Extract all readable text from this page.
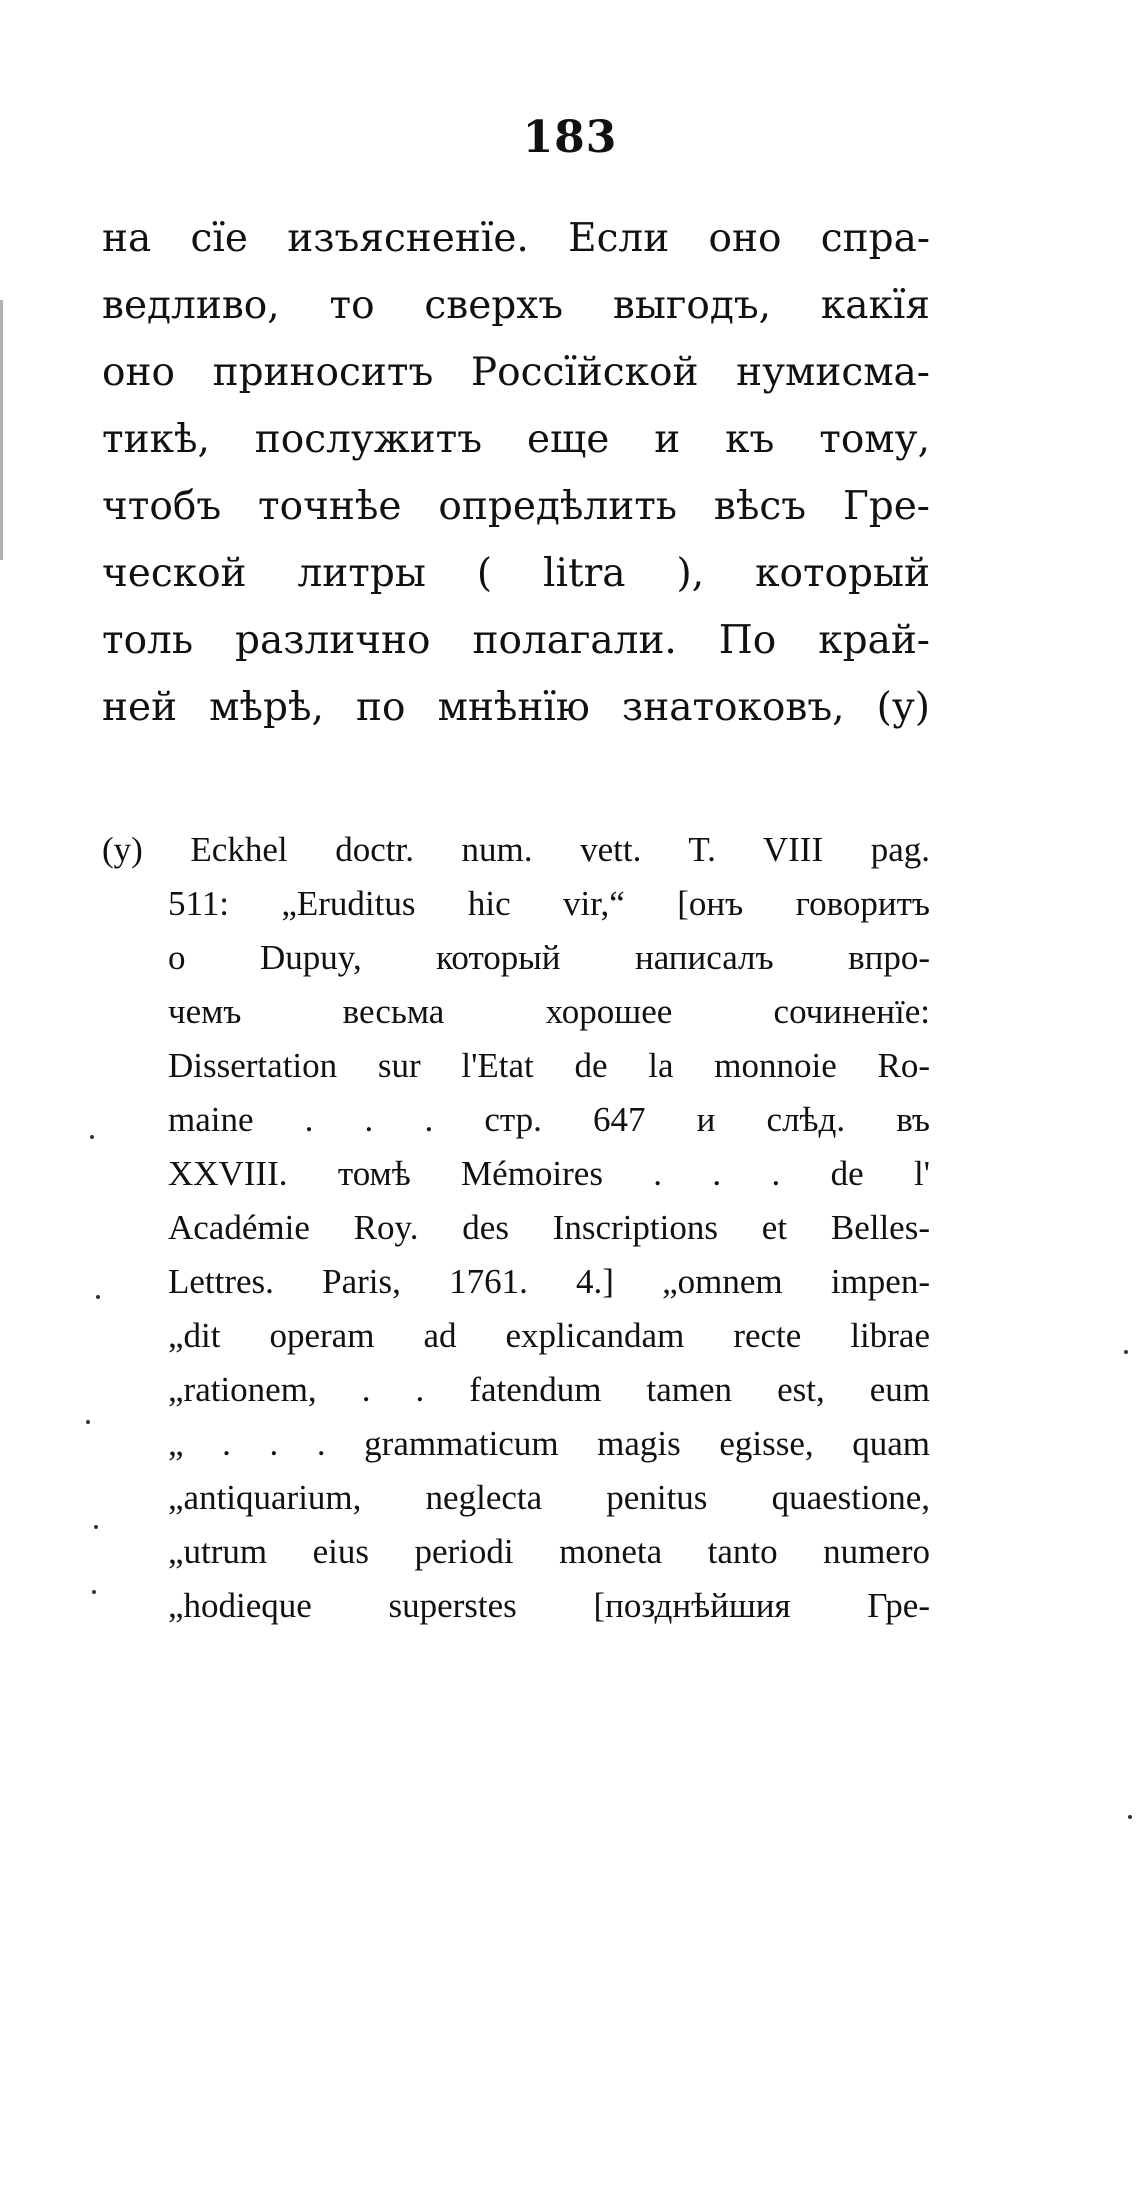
183
на сїе изъясненїе. Если оно спра-
ведливо, то сверхъ выгодъ, какїя
оно приноситъ Россїйской нумисма-
тикѣ, послужитъ еще и къ тому,
чтобъ точнѣе опредѣлить вѣсъ Гре-
ческой литры ( litra ), который
толь различно полагали. По край-
ней мѣрѣ, по мнѣнїю знатоковъ, (у)
(у) Eckhel doctr. num. vett. T. VIII pag.
511: „Eruditus hic vir,“ [онъ говоритъ
о Dupuy, который написалъ впро-
чемъ весьма хорошее сочиненїе:
Dissertation sur l'Etat de la monnoie Ro-
maine . . . стр. 647 и слѣд. въ
XXVIII. томѣ Mémoires . . . de l'
Académie Roy. des Inscriptions et Belles-
Lettres. Paris, 1761. 4.] „omnem impen-
„dit operam ad explicandam recte librae
„rationem, . . fatendum tamen est, eum
„ . . . grammaticum magis egisse, quam
„antiquarium, neglecta penitus quaestione,
„utrum eius periodi moneta tanto numero
„hodieque superstes [позднѣйшия Гре-
